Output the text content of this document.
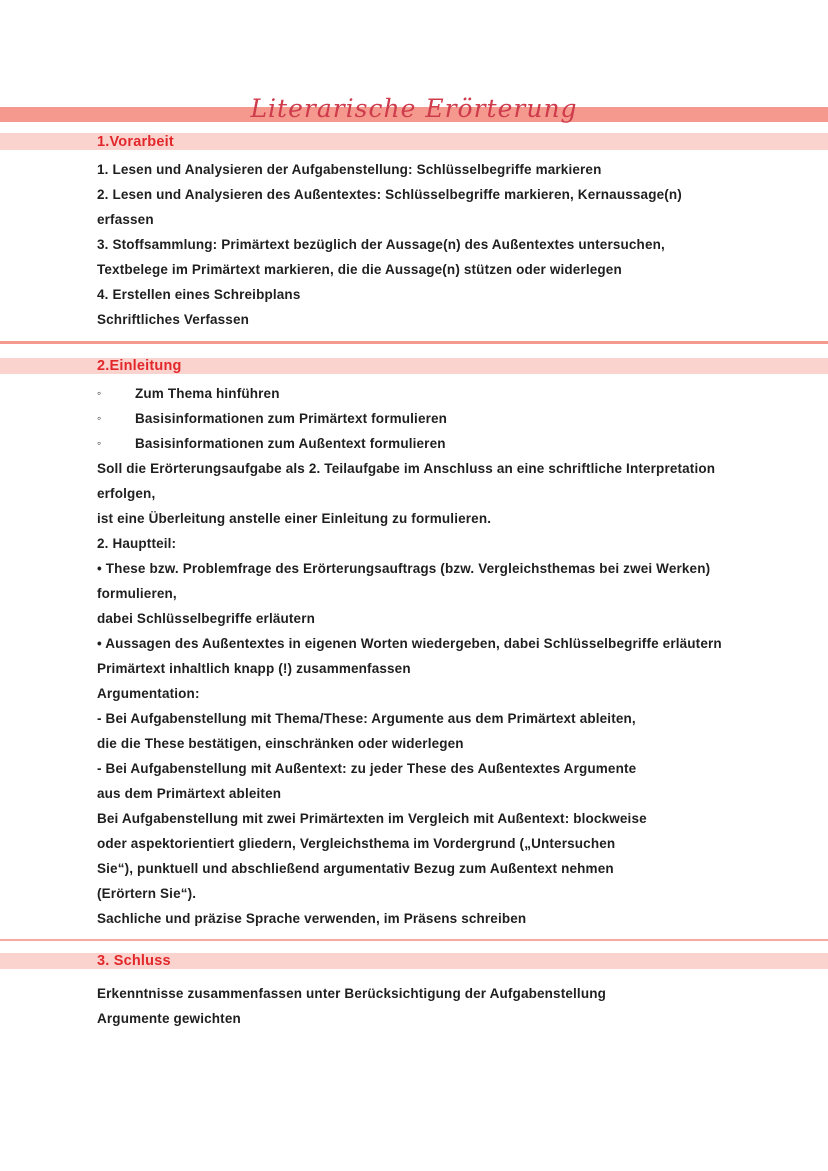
Literarische Erörterung
1.Vorarbeit
1. Lesen und Analysieren der Aufgabenstellung: Schlüsselbegriffe markieren
2. Lesen und Analysieren des Außentextes: Schlüsselbegriffe markieren, Kernaussage(n)
erfassen
3. Stoffsammlung: Primärtext bezüglich der Aussage(n) des Außentextes untersuchen,
Textbelege im Primärtext markieren, die die Aussage(n) stützen oder widerlegen
4. Erstellen eines Schreibplans
Schriftliches Verfassen
2.Einleitung
◦	Zum Thema hinführen
◦	Basisinformationen zum Primärtext formulieren
◦	Basisinformationen zum Außentext formulieren
Soll die Erörterungsaufgabe als 2. Teilaufgabe im Anschluss an eine schriftliche Interpretation
erfolgen,
ist eine Überleitung anstelle einer Einleitung zu formulieren.
2. Hauptteil:
• These bzw. Problemfrage des Erörterungsauftrags (bzw. Vergleichsthemas bei zwei Werken)
formulieren,
dabei Schlüsselbegriffe erläutern
• Aussagen des Außentextes in eigenen Worten wiedergeben, dabei Schlüsselbegriffe erläutern
Primärtext inhaltlich knapp (!) zusammenfassen
Argumentation:
- Bei Aufgabenstellung mit Thema/These: Argumente aus dem Primärtext ableiten,
die die These bestätigen, einschränken oder widerlegen
- Bei Aufgabenstellung mit Außentext: zu jeder These des Außentextes Argumente
aus dem Primärtext ableiten
Bei Aufgabenstellung mit zwei Primärtexten im Vergleich mit Außentext: blockweise
oder aspektorientiert gliedern, Vergleichsthema im Vordergrund („Untersuchen
Sie“), punktuell und abschließend argumentativ Bezug zum Außentext nehmen
(Erörtern Sie“).
Sachliche und präzise Sprache verwenden, im Präsens schreiben
3. Schluss
Erkenntnisse zusammenfassen unter Berücksichtigung der Aufgabenstellung
Argumente gewichten
